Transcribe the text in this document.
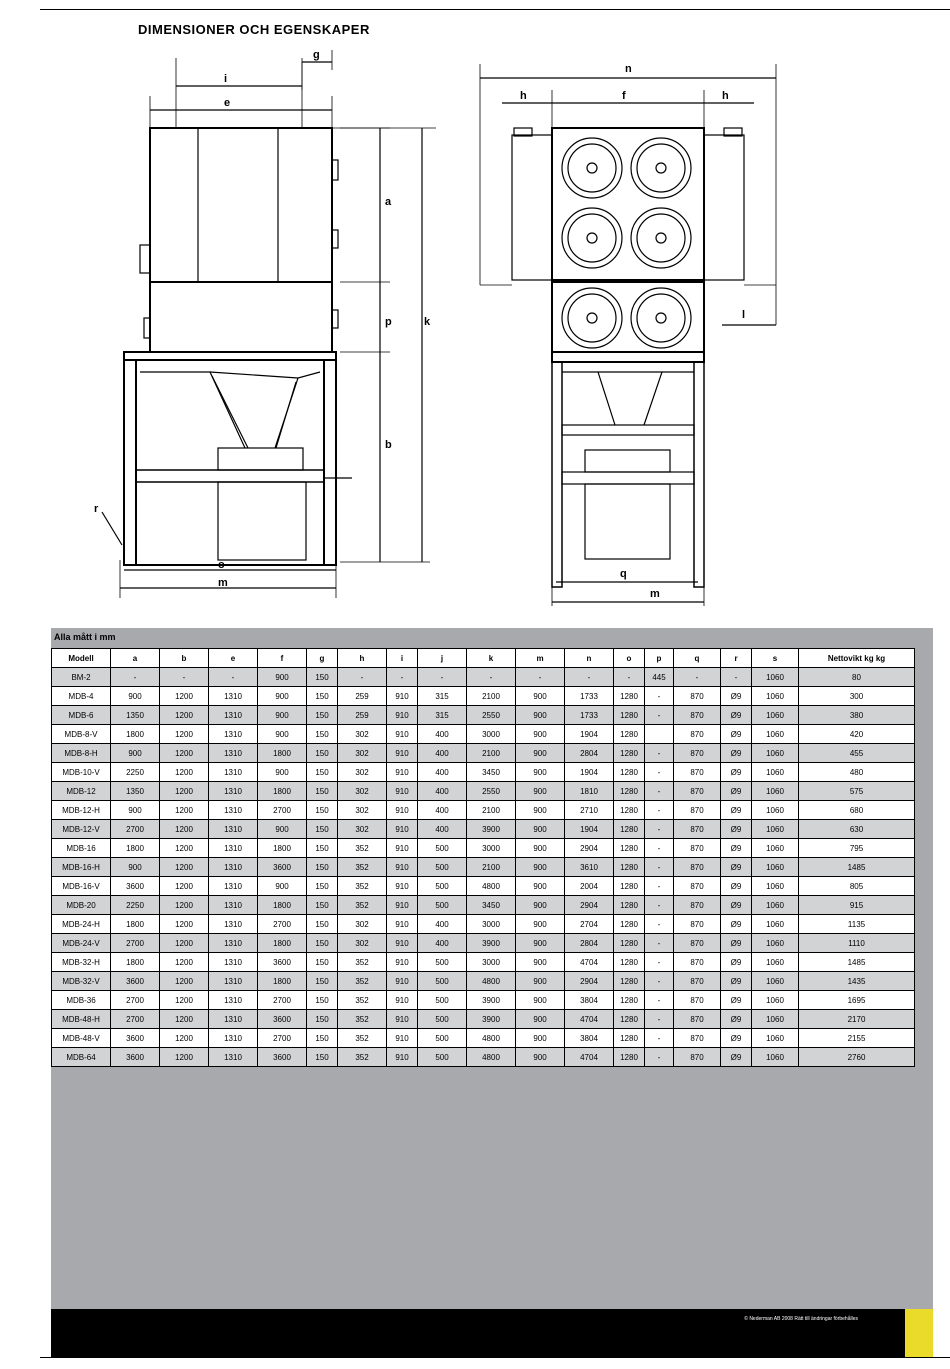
DIMENSIONER OCH EGENSKAPER
g
i
e
a
p	k
b
r
o
m
n
h	f	h
l
q
m
Alla mått i mm
Modell	a	b	e	f	g	h	i	j	k	m	n	o	p	q	r	s	Nettovikt kg kg
BM-2	-	-	-	900	150	-	-	-	-	-	-	-	445	-	-	1060	80
MDB-4	900	1200	1310	900	150	259	910	315	2100	900	1733	1280	-	870	Ø9	1060	300
MDB-6	1350	1200	1310	900	150	259	910	315	2550	900	1733	1280	-	870	Ø9	1060	380
MDB-8-V	1800	1200	1310	900	150	302	910	400	3000	900	1904	1280		870	Ø9	1060	420
MDB-8-H	900	1200	1310	1800	150	302	910	400	2100	900	2804	1280	-	870	Ø9	1060	455
MDB-10-V	2250	1200	1310	900	150	302	910	400	3450	900	1904	1280	-	870	Ø9	1060	480
MDB-12	1350	1200	1310	1800	150	302	910	400	2550	900	1810	1280	-	870	Ø9	1060	575
MDB-12-H	900	1200	1310	2700	150	302	910	400	2100	900	2710	1280	-	870	Ø9	1060	680
MDB-12-V	2700	1200	1310	900	150	302	910	400	3900	900	1904	1280	-	870	Ø9	1060	630
MDB-16	1800	1200	1310	1800	150	352	910	500	3000	900	2904	1280	-	870	Ø9	1060	795
MDB-16-H	900	1200	1310	3600	150	352	910	500	2100	900	3610	1280	-	870	Ø9	1060	1485
MDB-16-V	3600	1200	1310	900	150	352	910	500	4800	900	2004	1280	-	870	Ø9	1060	805
MDB-20	2250	1200	1310	1800	150	352	910	500	3450	900	2904	1280	-	870	Ø9	1060	915
MDB-24-H	1800	1200	1310	2700	150	302	910	400	3000	900	2704	1280	-	870	Ø9	1060	1135
MDB-24-V	2700	1200	1310	1800	150	302	910	400	3900	900	2804	1280	-	870	Ø9	1060	1110
MDB-32-H	1800	1200	1310	3600	150	352	910	500	3000	900	4704	1280	-	870	Ø9	1060	1485
MDB-32-V	3600	1200	1310	1800	150	352	910	500	4800	900	2904	1280	-	870	Ø9	1060	1435
MDB-36	2700	1200	1310	2700	150	352	910	500	3900	900	3804	1280	-	870	Ø9	1060	1695
MDB-48-H	2700	1200	1310	3600	150	352	910	500	3900	900	4704	1280	-	870	Ø9	1060	2170
MDB-48-V	3600	1200	1310	2700	150	352	910	500	4800	900	3804	1280	-	870	Ø9	1060	2155
MDB-64	3600	1200	1310	3600	150	352	910	500	4800	900	4704	1280	-	870	Ø9	1060	2760
© Nederman AB 2008 Rätt till ändringar förbehålles
